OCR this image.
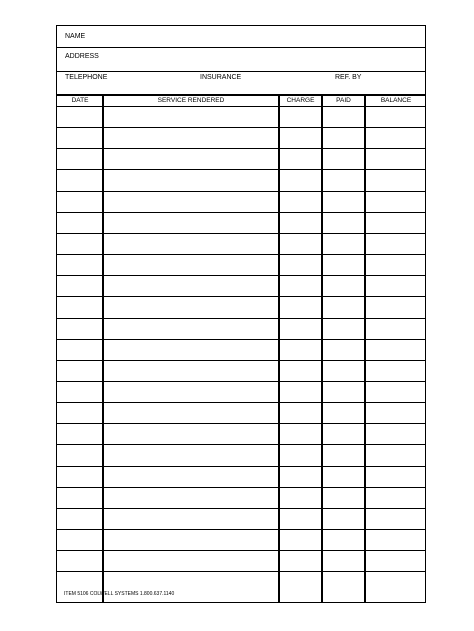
NAME
ADDRESS
TELEPHONE	INSURANCE	REF. BY
DATE	SERVICE RENDERED	CHARGE	PAID	BALANCE
ITEM 5106 COLWELL SYSTEMS 1.800.637.1140
